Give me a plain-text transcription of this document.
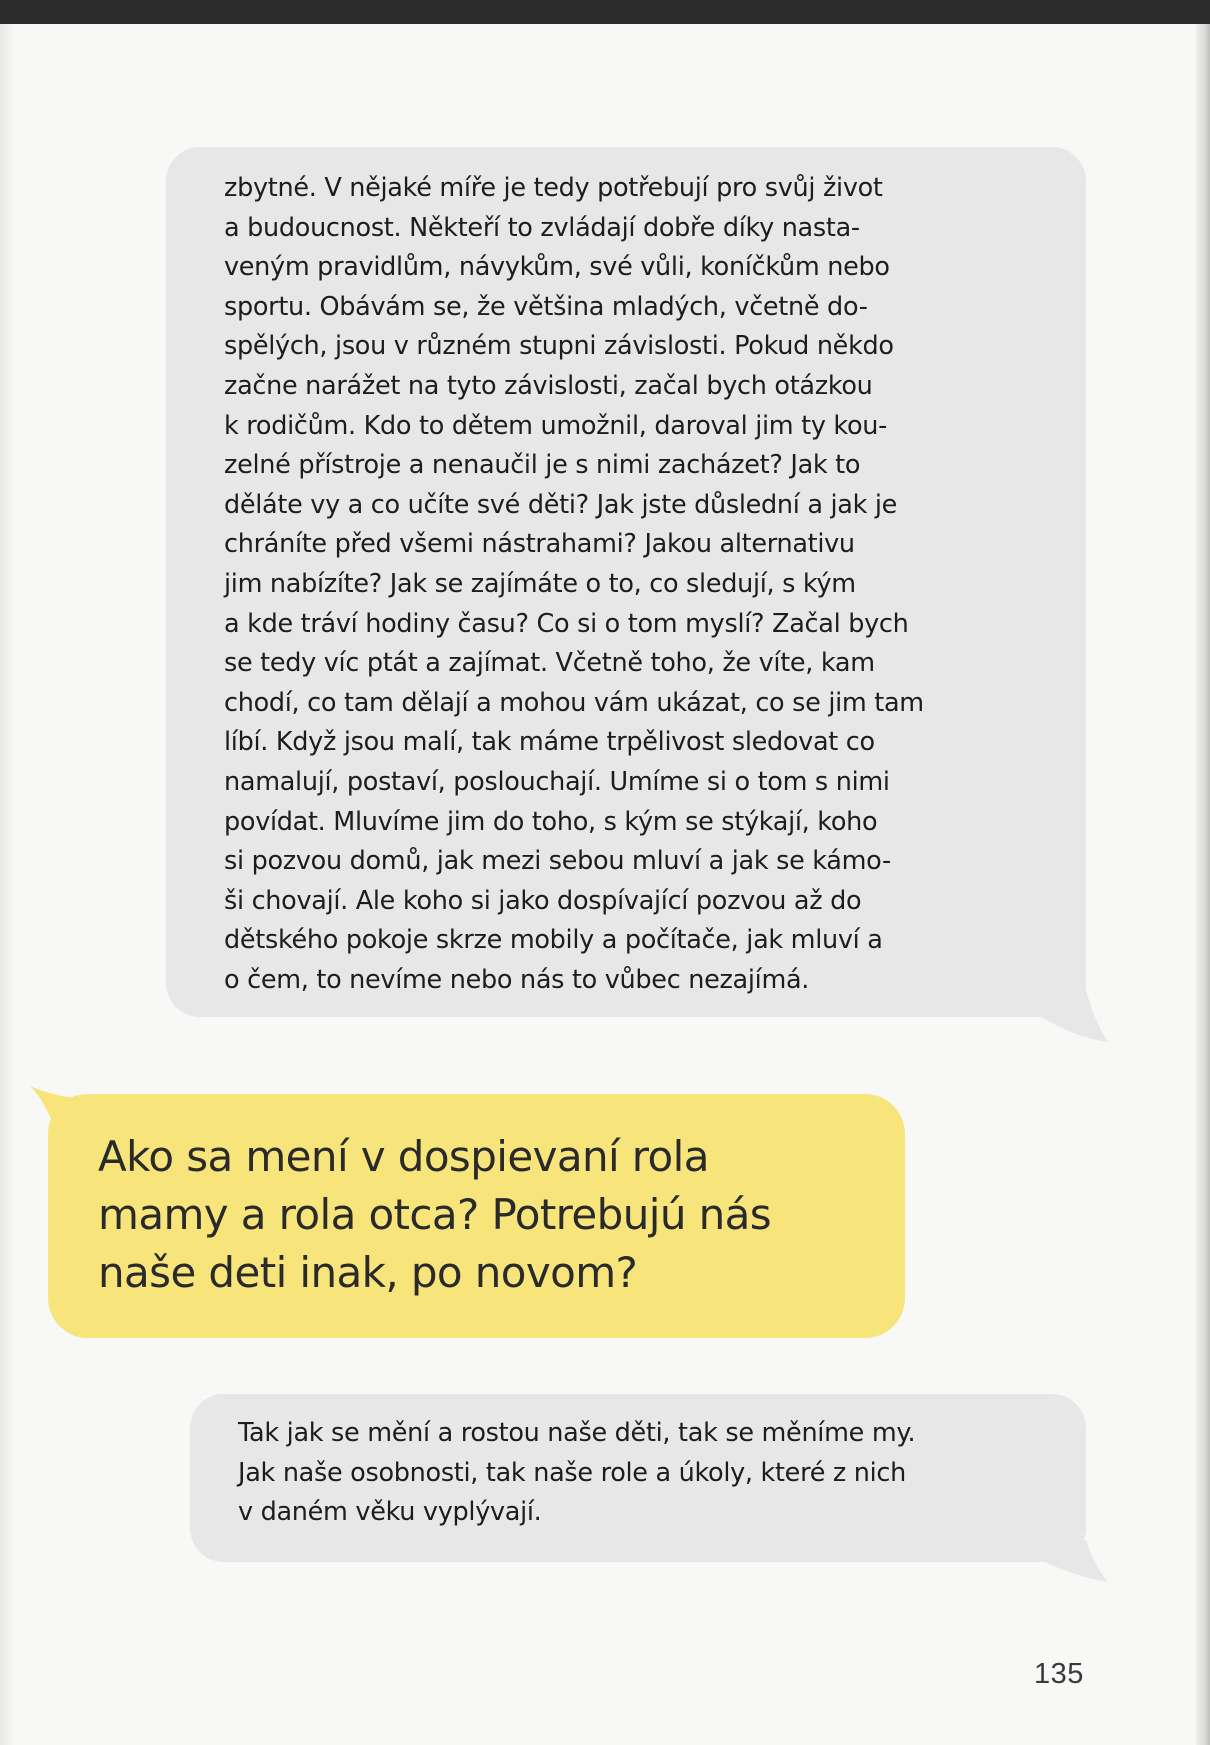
zbytné. V nějaké míře je tedy potřebují pro svůj život
a budoucnost. Někteří to zvládají dobře díky nasta-
veným pravidlům, návykům, své vůli, koníčkům nebo
sportu. Obávám se, že většina mladých, včetně do-
spělých, jsou v různém stupni závislosti. Pokud někdo
začne narážet na tyto závislosti, začal bych otázkou
k rodičům. Kdo to dětem umožnil, daroval jim ty kou-
zelné přístroje a nenaučil je s nimi zacházet? Jak to
děláte vy a co učíte své děti? Jak jste důslední a jak je
chráníte před všemi nástrahami? Jakou alternativu
jim nabízíte? Jak se zajímáte o to, co sledují, s kým
a kde tráví hodiny času? Co si o tom myslí? Začal bych
se tedy víc ptát a zajímat. Včetně toho, že víte, kam
chodí, co tam dělají a mohou vám ukázat, co se jim tam
líbí. Když jsou malí, tak máme trpělivost sledovat co
namalují, postaví, poslouchají. Umíme si o tom s nimi
povídat. Mluvíme jim do toho, s kým se stýkají, koho
si pozvou domů, jak mezi sebou mluví a jak se kámo-
ši chovají. Ale koho si jako dospívající pozvou až do
dětského pokoje skrze mobily a počítače, jak mluví a
o čem, to nevíme nebo nás to vůbec nezajímá.
Ako sa mení v dospievaní rola
mamy a rola otca? Potrebujú nás
naše deti inak, po novom?
Tak jak se mění a rostou naše děti, tak se měníme my.
Jak naše osobnosti, tak naše role a úkoly, které z nich
v daném věku vyplývají.
135
